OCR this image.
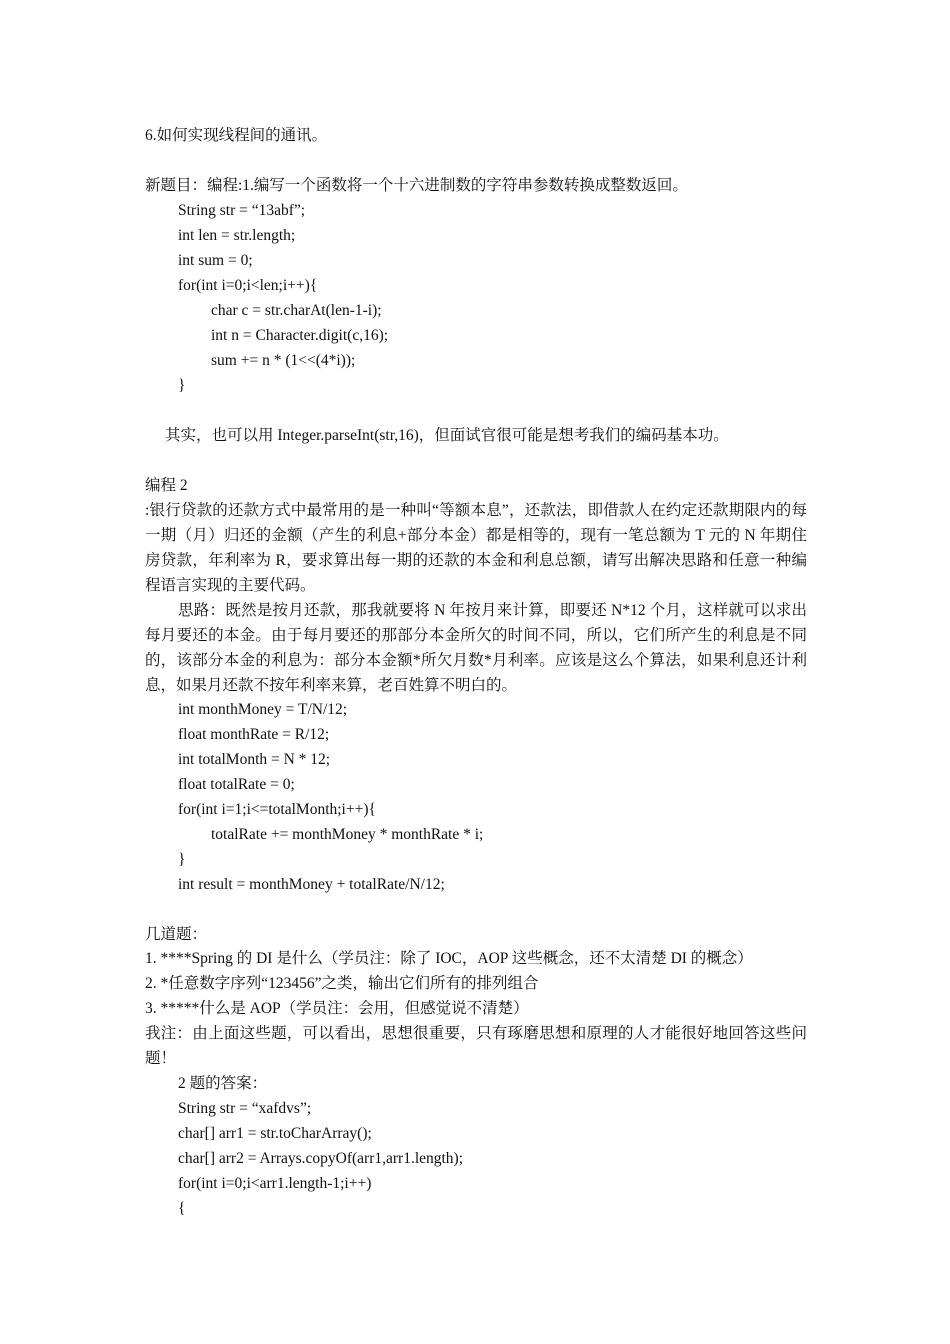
6.如何实现线程间的通讯。
新题目：编程:1.编写一个函数将一个十六进制数的字符串参数转换成整数返回。
String str = “13abf”;
int len = str.length;
int sum = 0;
for(int i=0;i<len;i++){
char c = str.charAt(len-1-i);
int n = Character.digit(c,16);
sum += n * (1<<(4*i));
}
其实，也可以用 Integer.parseInt(str,16)，但面试官很可能是想考我们的编码基本功。
编程 2
:银行贷款的还款方式中最常用的是一种叫“等额本息”，还款法，即借款人在约定还款期限内的每一期（月）归还的金额（产生的利息+部分本金）都是相等的，现有一笔总额为 T 元的 N 年期住房贷款，年利率为 R，要求算出每一期的还款的本金和利息总额，请写出解决思路和任意一种编程语言实现的主要代码。
思路：既然是按月还款，那我就要将 N 年按月来计算，即要还 N*12 个月，这样就可以求出每月要还的本金。由于每月要还的那部分本金所欠的时间不同，所以，它们所产生的利息是不同的，该部分本金的利息为：部分本金额*所欠月数*月利率。应该是这么个算法，如果利息还计利息，如果月还款不按年利率来算，老百姓算不明白的。
int monthMoney = T/N/12;
float monthRate = R/12;
int totalMonth = N * 12;
float totalRate = 0;
for(int i=1;i<=totalMonth;i++){
totalRate += monthMoney * monthRate * i;
}
int result = monthMoney + totalRate/N/12;
几道题：
1. ****Spring 的 DI 是什么（学员注：除了 IOC，AOP 这些概念，还不太清楚 DI 的概念）
2. *任意数字序列“123456”之类，输出它们所有的排列组合
3. *****什么是 AOP（学员注：会用，但感觉说不清楚）
我注：由上面这些题，可以看出，思想很重要，只有琢磨思想和原理的人才能很好地回答这些问题！
2 题的答案：
String str = “xafdvs”;
char[] arr1 = str.toCharArray();
char[] arr2 = Arrays.copyOf(arr1,arr1.length);
for(int i=0;i<arr1.length-1;i++)
{
